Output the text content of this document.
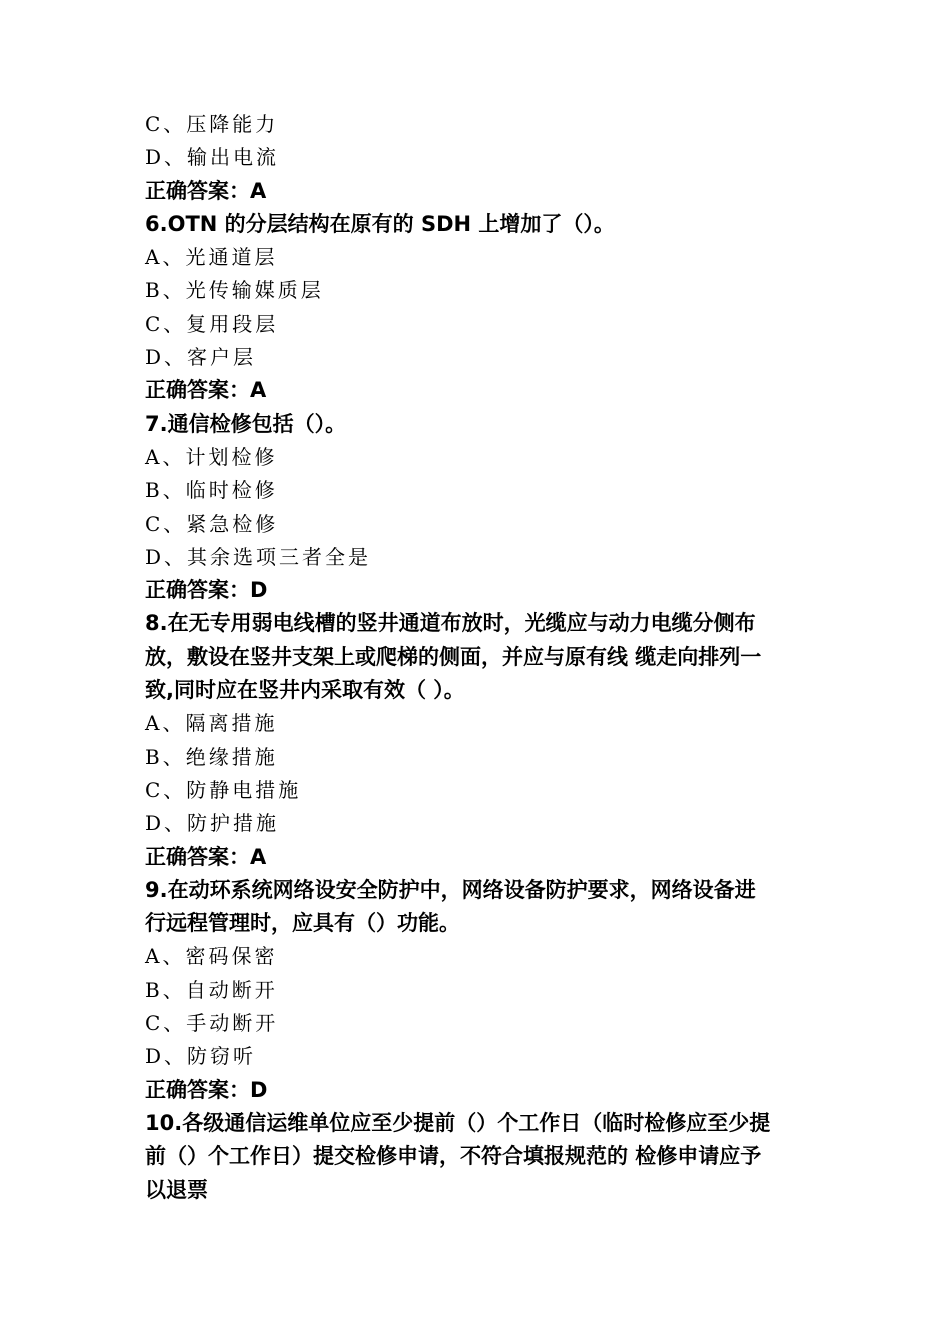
C、压降能力
D、输出电流
正确答案：A
6.OTN 的分层结构在原有的 SDH 上增加了（）。
A、光通道层
B、光传输媒质层
C、复用段层
D、客户层
正确答案：A
7.通信检修包括（）。
A、计划检修
B、临时检修
C、紧急检修
D、其余选项三者全是
正确答案：D
8.在无专用弱电线槽的竖井通道布放时，光缆应与动力电缆分侧布
放，敷设在竖井支架上或爬梯的侧面，并应与原有线 缆走向排列一
致,同时应在竖井内采取有效（ ）。
A、隔离措施
B、绝缘措施
C、防静电措施
D、防护措施
正确答案：A
9.在动环系统网络设安全防护中，网络设备防护要求，网络设备进
行远程管理时，应具有（）功能。
A、密码保密
B、自动断开
C、手动断开
D、防窃听
正确答案：D
10.各级通信运维单位应至少提前（）个工作日（临时检修应至少提
前（）个工作日）提交检修申请，不符合填报规范的 检修申请应予
以退票
